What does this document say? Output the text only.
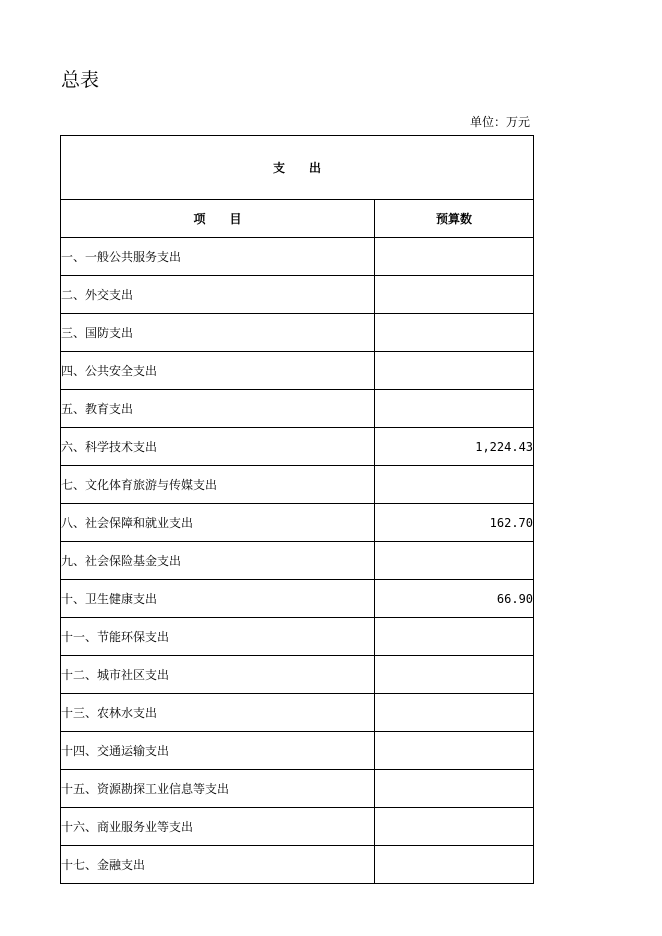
总表
单位：万元
支　　出	
项　　目	预算数
一、一般公共服务支出	
二、外交支出	
三、国防支出	
四、公共安全支出	
五、教育支出	
六、科学技术支出	1,224.43
七、文化体育旅游与传媒支出	
八、社会保障和就业支出	162.70
九、社会保险基金支出	
十、卫生健康支出	66.90
十一、节能环保支出	
十二、城市社区支出	
十三、农林水支出	
十四、交通运输支出	
十五、资源勘探工业信息等支出	
十六、商业服务业等支出	
十七、金融支出	
